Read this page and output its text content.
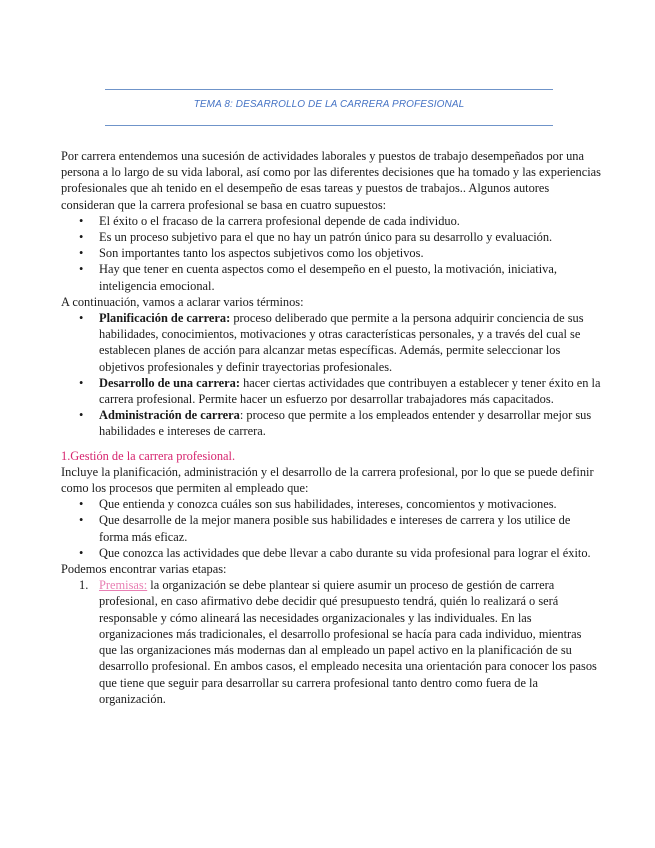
TEMA 8: DESARROLLO DE LA CARRERA PROFESIONAL

Por carrera entendemos una sucesión de actividades laborales y puestos de trabajo desempeñados por una persona a lo largo de su vida laboral, así como por las diferentes decisiones que ha tomado y las experiencias profesionales que ah tenido en el desempeño de esas tareas y puestos de trabajos.. Algunos autores consideran que la carrera profesional se basa en cuatro supuestos:

• El éxito o el fracaso de la carrera profesional depende de cada individuo.
• Es un proceso subjetivo para el que no hay un patrón único para su desarrollo y evaluación.
• Son importantes tanto los aspectos subjetivos como los objetivos.
• Hay que tener en cuenta aspectos como el desempeño en el puesto, la motivación, iniciativa, inteligencia emocional.

A continuación, vamos a aclarar varios términos:

• Planificación de carrera: proceso deliberado que permite a la persona adquirir conciencia de sus habilidades, conocimientos, motivaciones y otras características personales, y a través del cual se establecen planes de acción para alcanzar metas específicas. Además, permite seleccionar los objetivos profesionales y definir trayectorias profesionales.
• Desarrollo de una carrera: hacer ciertas actividades que contribuyen a establecer y tener éxito en la carrera profesional. Permite hacer un esfuerzo por desarrollar trabajadores más capacitados.
• Administración de carrera: proceso que permite a los empleados entender y desarrollar mejor sus habilidades e intereses de carrera.

1.Gestión de la carrera profesional.

Incluye la planificación, administración y el desarrollo de la carrera profesional, por lo que se puede definir como los procesos que permiten al empleado que:

• Que entienda y conozca cuáles son sus habilidades, intereses, concomientos y motivaciones.
• Que desarrolle de la mejor manera posible sus habilidades e intereses de carrera y los utilice de forma más eficaz.
• Que conozca las actividades que debe llevar a cabo durante su vida profesional para lograr el éxito.

Podemos encontrar varias etapas:

1. Premisas: la organización se debe plantear si quiere asumir un proceso de gestión de carrera profesional, en caso afirmativo debe decidir qué presupuesto tendrá, quién lo realizará o será responsable y cómo alineará las necesidades organizacionales y las individuales. En las organizaciones más tradicionales, el desarrollo profesional se hacía para cada individuo, mientras que las organizaciones más modernas dan al empleado un papel activo en la planificación de su desarrollo profesional. En ambos casos, el empleado necesita una orientación para conocer los pasos que tiene que seguir para desarrollar su carrera profesional tanto dentro como fuera de la organización.
